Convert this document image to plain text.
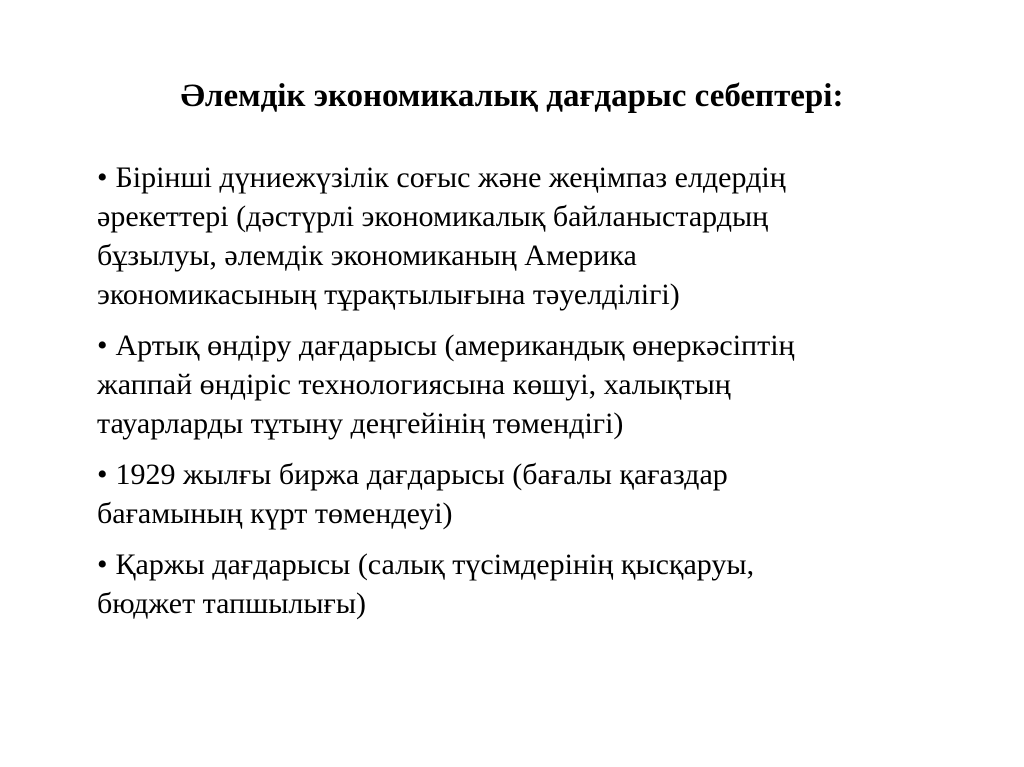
Әлемдік экономикалық дағдарыс себептері:
• Бірінші дүниежүзілік соғыс және жеңімпаз елдердің
әрекеттері (дәстүрлі экономикалық байланыстардың
бұзылуы, әлемдік экономиканың Америка
экономикасының тұрақтылығына тәуелділігі)
• Артық өндіру дағдарысы (американдық өнеркәсіптің
жаппай өндіріс технологиясына көшуі, халықтың
тауарларды тұтыну деңгейінің төмендігі)
• 1929 жылғы биржа дағдарысы (бағалы қағаздар
бағамының күрт төмендеуі)
• Қаржы дағдарысы (салық түсімдерінің қысқаруы,
бюджет тапшылығы)
